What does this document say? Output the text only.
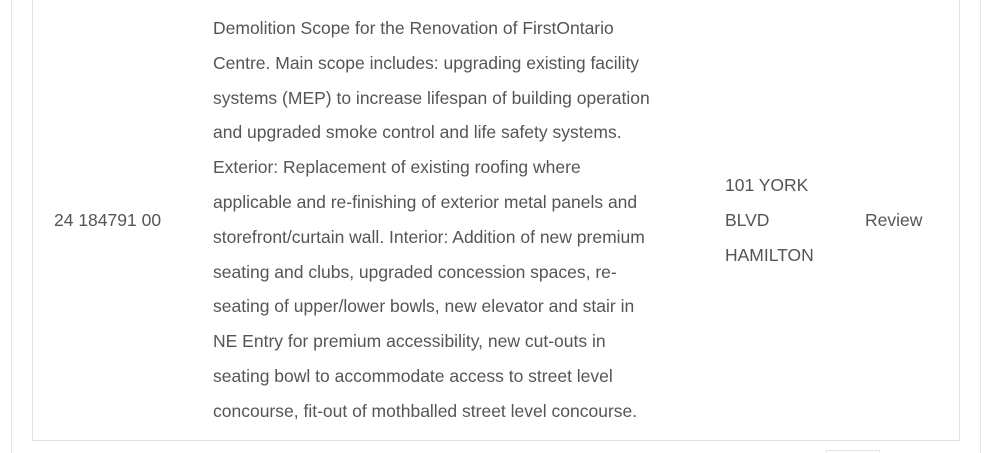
24 184791 00
Demolition Scope for the Renovation of FirstOntario
Centre. Main scope includes: upgrading existing facility
systems (MEP) to increase lifespan of building operation
and upgraded smoke control and life safety systems.
Exterior: Replacement of existing roofing where
applicable and re-finishing of exterior metal panels and
storefront/curtain wall. Interior: Addition of new premium
seating and clubs, upgraded concession spaces, re-
seating of upper/lower bowls, new elevator and stair in
NE Entry for premium accessibility, new cut-outs in
seating bowl to accommodate access to street level
concourse, fit-out of mothballed street level concourse.
101 YORK
BLVD
HAMILTON
Review
